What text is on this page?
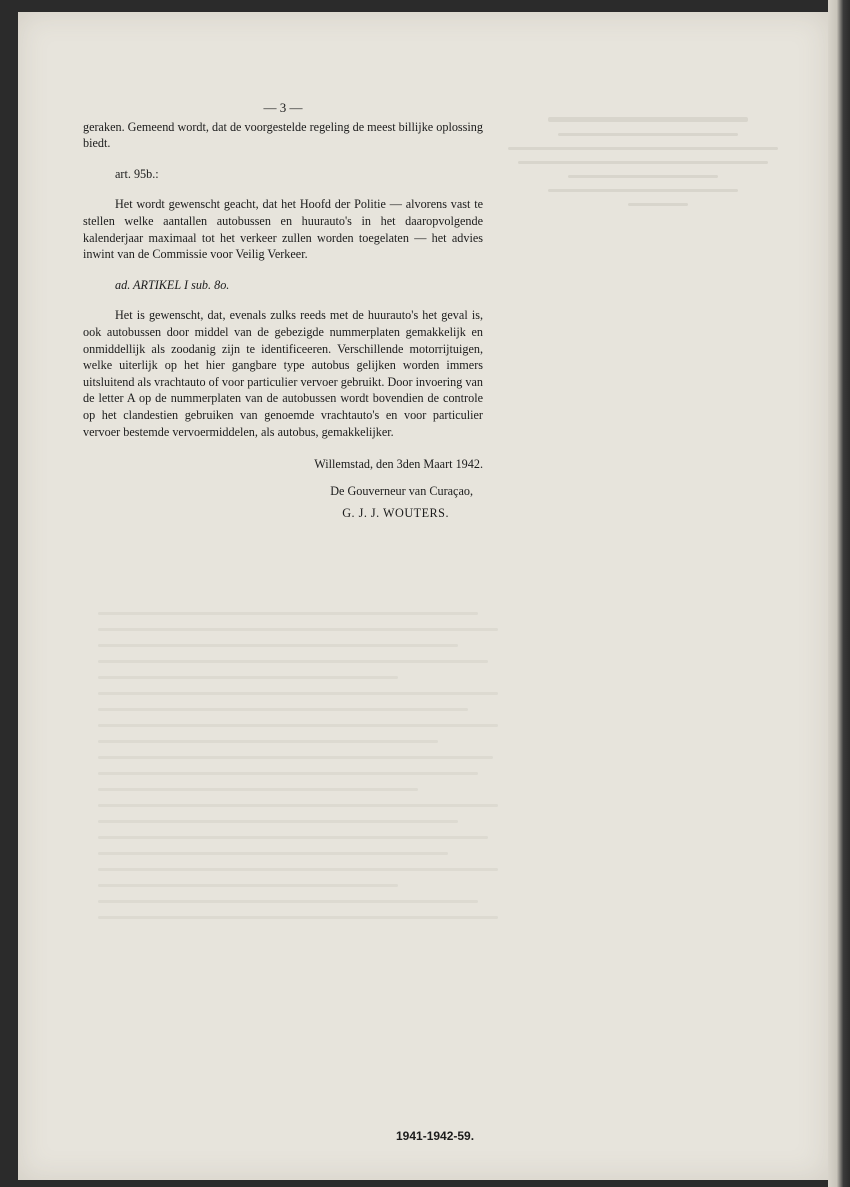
— 3 —

geraken. Gemeend wordt, dat de voorgestelde regeling de meest billijke oplossing biedt.

art. 95b.:

Het wordt gewenscht geacht, dat het Hoofd der Politie — alvorens vast te stellen welke aantallen autobussen en huurauto's in het daaropvolgende kalenderjaar maximaal tot het verkeer zullen worden toegelaten — het advies inwint van de Commissie voor Veilig Verkeer.

ad. ARTIKEL I sub. 8o.

Het is gewenscht, dat, evenals zulks reeds met de huurauto's het geval is, ook autobussen door middel van de gebezigde nummerplaten gemakkelijk en onmiddellijk als zoodanig zijn te identificeeren. Verschillende motorrijtuigen, welke uiterlijk op het hier gangbare type autobus gelijken worden immers uitsluitend als vrachtauto of voor particulier vervoer gebruikt. Door invoering van de letter A op de nummerplaten van de autobussen wordt bovendien de controle op het clandestien gebruiken van genoemde vrachtauto's en voor particulier vervoer bestemde vervoermiddelen, als autobus, gemakkelijker.

Willemstad, den 3den Maart 1942.

De Gouverneur van Curaçao,

G. J. J. WOUTERS.

1941-1942-59.
